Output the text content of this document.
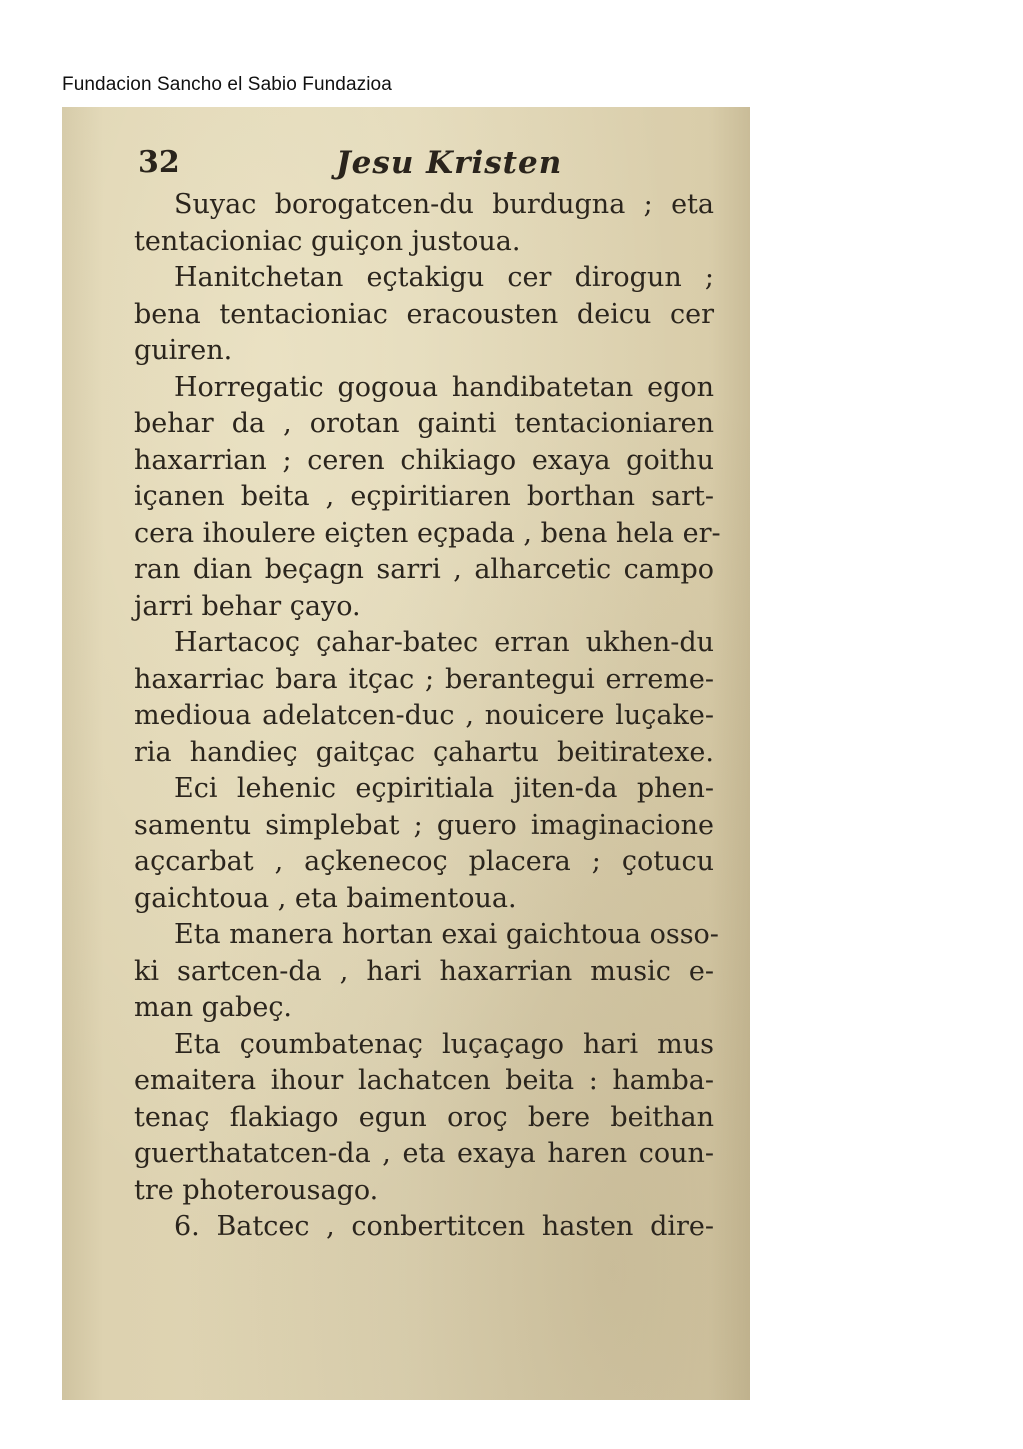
Fundacion Sancho el Sabio Fundazioa
32	Jesu Kristen
Suyac borogatcen-du burdugna ; eta
tentacioniac guiçon justoua.
Hanitchetan eçtakigu cer dirogun ;
bena tentacioniac eracousten deicu cer
guiren.
Horregatic gogoua handibatetan egon
behar da , orotan gainti tentacioniaren
haxarrian ; ceren chikiago exaya goithu
içanen beita , eçpiritiaren borthan sart-
cera ihoulere eiçten eçpada , bena hela er-
ran dian beçagn sarri , alharcetic campo
jarri behar çayo.
Hartacoç çahar-batec erran ukhen-du
haxarriac bara itçac ; berantegui erreme-
medioua adelatcen-duc , nouicere luçake-
ria handieç gaitçac çahartu beitiratexe.
Eci lehenic eçpiritiala jiten-da phen-
samentu simplebat ; guero imaginacione
açcarbat , açkenecoç placera ; çotucu
gaichtoua , eta baimentoua.
Eta manera hortan exai gaichtoua osso-
ki sartcen-da , hari haxarrian music e-
man gabeç.
Eta çoumbatenaç luçaçago hari mus
emaitera ihour lachatcen beita : hamba-
tenaç flakiago egun oroç bere beithan
guerthatatcen-da , eta exaya haren coun-
tre photerousago.
6. Batcec , conbertitcen hasten dire-
